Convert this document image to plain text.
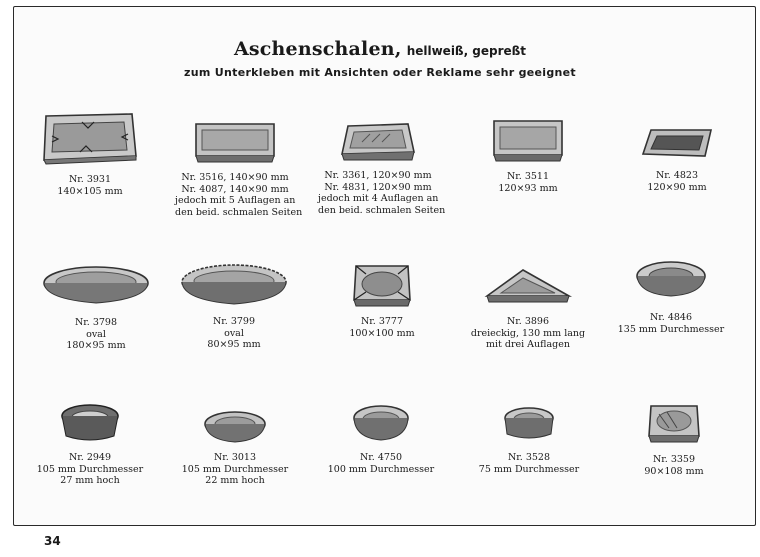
Aschenschalen, hellweiß, gepreßt
zum Unterkleben mit Ansichten oder Reklame sehr geeignet
Nr. 3931
140×105 mm
Nr. 3516, 140×90 mm
Nr. 4087, 140×90 mm
jedoch mit 5 Auflagen an
den beid. schmalen Seiten
Nr. 3361, 120×90 mm
Nr. 4831, 120×90 mm
jedoch mit 4 Auflagen an
den beid. schmalen Seiten
Nr. 3511
120×93 mm
Nr. 4823
120×90 mm
Nr. 3798
oval
180×95 mm
Nr. 3799
oval
80×95 mm
Nr. 3777
100×100 mm
Nr. 3896
dreieckig, 130 mm lang
mit drei Auflagen
Nr. 4846
135 mm Durchmesser
Nr. 2949
105 mm Durchmesser
27 mm hoch
Nr. 3013
105 mm Durchmesser
22 mm hoch
Nr. 4750
100 mm Durchmesser
Nr. 3528
75 mm Durchmesser
Nr. 3359
90×108 mm
34
